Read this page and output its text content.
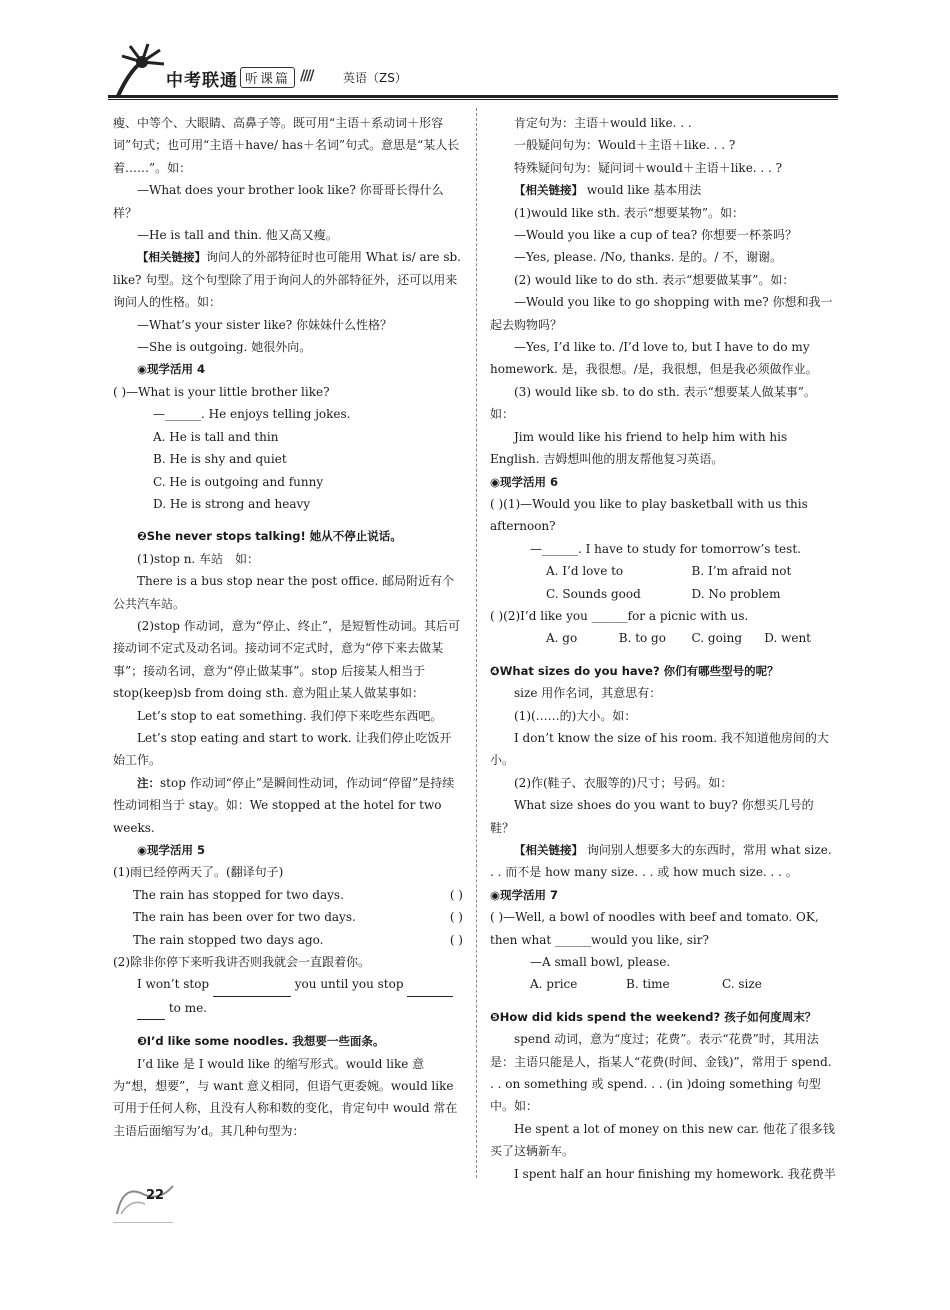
中考联通 听课篇 ////	英语（ZS）

瘦、中等个、大眼睛、高鼻子等。既可用“主语＋系动词＋形容词”句式；也可用“主语＋have/ has＋名词”句式。意思是“某人长着……”。如：

—What does your brother look like? 你哥哥长得什么样？

—He is tall and thin. 他又高又瘦。

【相关链接】询问人的外部特征时也可能用 What is/ are sb. like? 句型。这个句型除了用于询问人的外部特征外，还可以用来询问人的性格。如：

—What’s your sister like? 你妹妹什么性格？

—She is outgoing. 她很外向。

◉现学活用 4

( )—What is your little brother like?

—______. He enjoys telling jokes.

A. He is tall and thin

B. He is shy and quiet

C. He is outgoing and funny

D. He is strong and heavy

❷She never stops talking! 她从不停止说话。

(1)stop n. 车站　如：

There is a bus stop near the post office. 邮局附近有个公共汽车站。

(2)stop 作动词，意为“停止、终止”，是短暂性动词。其后可接动词不定式及动名词。接动词不定式时，意为“停下来去做某事”；接动名词，意为“停止做某事”。stop 后接某人相当于 stop(keep)sb from doing sth. 意为阻止某人做某事如：

Let’s stop to eat something. 我们停下来吃些东西吧。

Let’s stop eating and start to work. 让我们停止吃饭开始工作。

注：stop 作动词“停止”是瞬间性动词，作动词“停留”是持续性动词相当于 stay。如：We stopped at the hotel for two weeks.

◉现学活用 5

(1)雨已经停两天了。(翻译句子)

The rain has stopped for two days.	( )
The rain has been over for two days.	( )
The rain stopped two days ago.	( )

(2)除非你停下来听我讲否则我就会一直跟着你。

I won’t stop	you until you stop

to me.

❸I’d like some noodles. 我想要一些面条。

I’d like 是 I would like 的缩写形式。would like 意为“想，想要”，与 want 意义相同，但语气更委婉。would like 可用于任何人称，且没有人称和数的变化，肯定句中 would 常在主语后面缩写为’d。其几种句型为：

肯定句为：主语＋would like. . .

一般疑问句为：Would＋主语＋like. . . ?

特殊疑问句为：疑问词＋would＋主语＋like. . . ?

【相关链接】 would like 基本用法

(1)would like sth. 表示“想要某物”。如：

—Would you like a cup of tea? 你想要一杯茶吗？

—Yes, please. /No, thanks. 是的。/ 不，谢谢。

(2) would like to do sth. 表示“想要做某事”。如：

—Would you like to go shopping with me? 你想和我一起去购物吗？

—Yes, I’d like to. /I’d love to, but I have to do my homework. 是，我很想。/是，我很想，但是我必须做作业。

(3) would like sb. to do sth. 表示“想要某人做某事”。如：

Jim would like his friend to help him with his English. 吉姆想叫他的朋友帮他复习英语。

◉现学活用 6

( )(1)—Would you like to play basketball with us this afternoon?

—______. I have to study for tomorrow’s test.

A. I’d love to	B. I’m afraid not
C. Sounds good	D. No problem

( )(2)I’d like you ______for a picnic with us.

A. go	B. to go	C. going	D. went

❹What sizes do you have? 你们有哪些型号的呢？

size 用作名词，其意思有：

(1)(……的)大小。如：

I don’t know the size of his room. 我不知道他房间的大小。

(2)作(鞋子、衣服等的)尺寸；号码。如：

What size shoes do you want to buy? 你想买几号的鞋？

【相关链接】 询问别人想要多大的东西时，常用 what size. . . 而不是 how many size. . . 或 how much size. . . 。

◉现学活用 7

( )—Well, a bowl of noodles with beef and tomato. OK, then what ______would you like, sir?

—A small bowl, please.

A. price	B. time	C. size

❺How did kids spend the weekend? 孩子如何度周末？

spend 动词，意为“度过；花费”。表示“花费”时，其用法是：主语只能是人，指某人“花费(时间、金钱)”，常用于 spend. . . on something 或 spend. . . (in )doing something 句型中。如：

He spent a lot of money on this new car. 他花了很多钱买了这辆新车。

I spent half an hour finishing my homework. 我花费半

22
